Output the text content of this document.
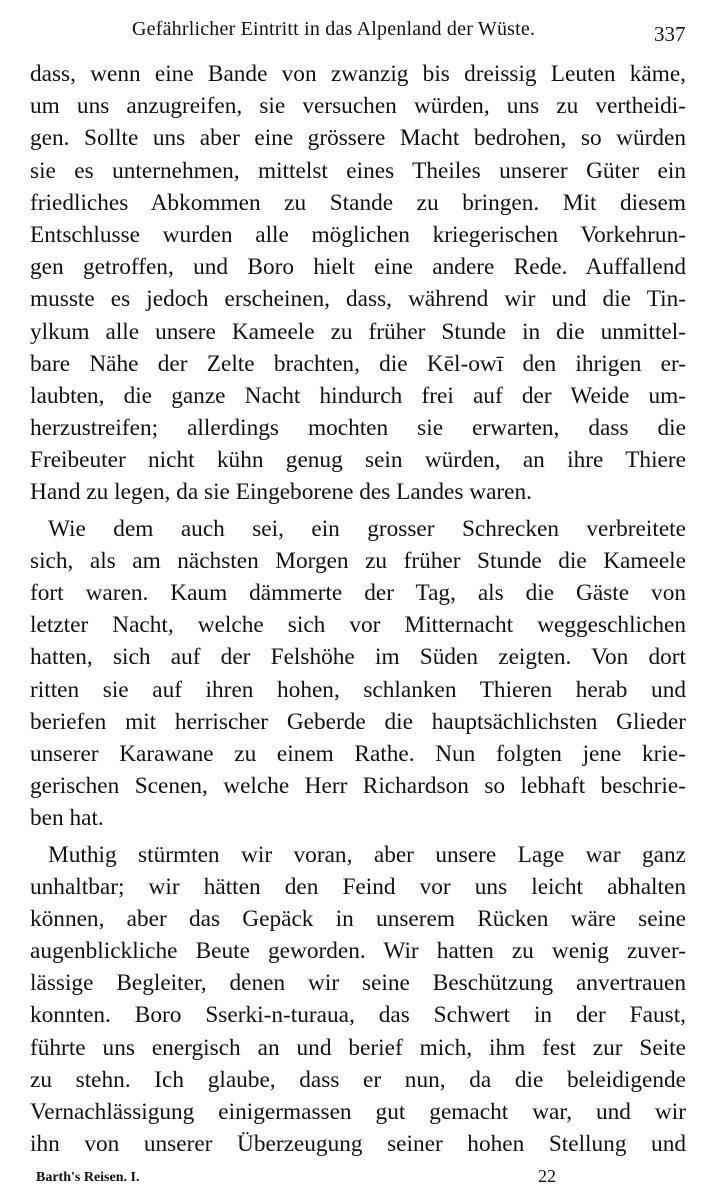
Gefährlicher Eintritt in das Alpenland der Wüste.	337
dass, wenn eine Bande von zwanzig bis dreissig Leuten käme,
um uns anzugreifen, sie versuchen würden, uns zu vertheidi-
gen. Sollte uns aber eine grössere Macht bedrohen, so würden
sie es unternehmen, mittelst eines Theiles unserer Güter ein
friedliches Abkommen zu Stande zu bringen. Mit diesem
Entschlusse wurden alle möglichen kriegerischen Vorkehrun-
gen getroffen, und Boro hielt eine andere Rede. Auffallend
musste es jedoch erscheinen, dass, während wir und die Tin-
ylkum alle unsere Kameele zu früher Stunde in die unmittel-
bare Nähe der Zelte brachten, die Kēl-owī den ihrigen er-
laubten, die ganze Nacht hindurch frei auf der Weide um-
herzustreifen; allerdings mochten sie erwarten, dass die
Freibeuter nicht kühn genug sein würden, an ihre Thiere
Hand zu legen, da sie Eingeborene des Landes waren.
Wie dem auch sei, ein grosser Schrecken verbreitete
sich, als am nächsten Morgen zu früher Stunde die Kameele
fort waren. Kaum dämmerte der Tag, als die Gäste von
letzter Nacht, welche sich vor Mitternacht weggeschlichen
hatten, sich auf der Felshöhe im Süden zeigten. Von dort
ritten sie auf ihren hohen, schlanken Thieren herab und
beriefen mit herrischer Geberde die hauptsächlichsten Glieder
unserer Karawane zu einem Rathe. Nun folgten jene krie-
gerischen Scenen, welche Herr Richardson so lebhaft beschrie-
ben hat.
Muthig stürmten wir voran, aber unsere Lage war ganz
unhaltbar; wir hätten den Feind vor uns leicht abhalten
können, aber das Gepäck in unserem Rücken wäre seine
augenblickliche Beute geworden. Wir hatten zu wenig zuver-
lässige Begleiter, denen wir seine Beschützung anvertrauen
konnten. Boro Sserki-n-turaua, das Schwert in der Faust,
führte uns energisch an und berief mich, ihm fest zur Seite
zu stehn. Ich glaube, dass er nun, da die beleidigende
Vernachlässigung einigermassen gut gemacht war, und wir
ihn von unserer Überzeugung seiner hohen Stellung und
Barth's Reisen. I.	22
